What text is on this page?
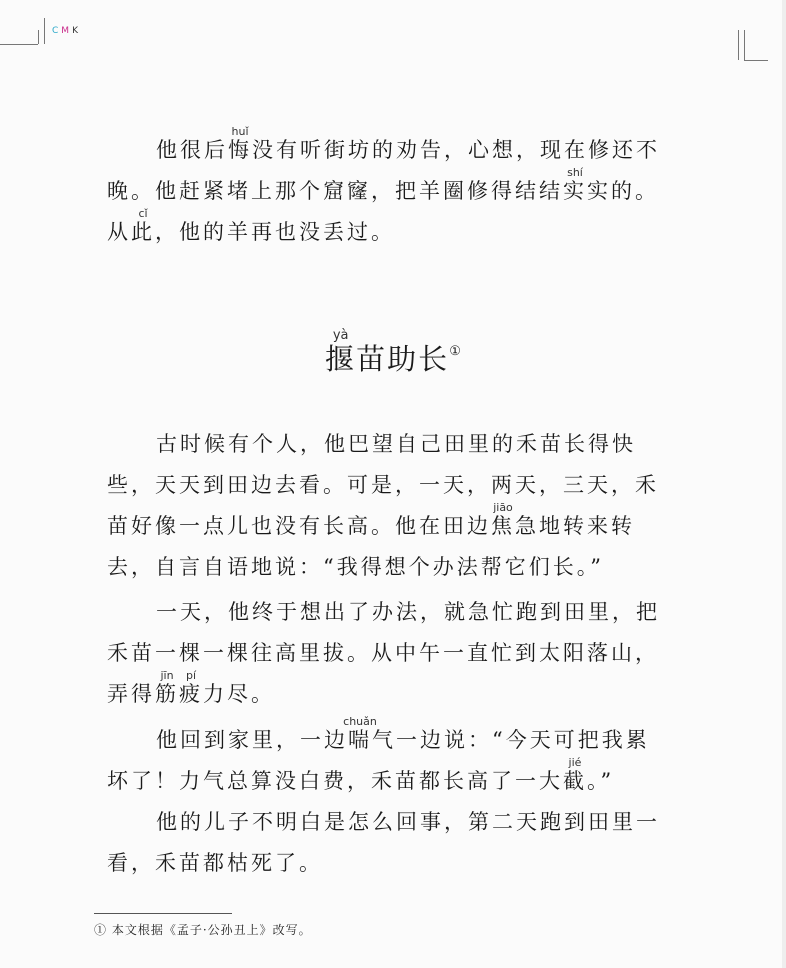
CMK

他很后悔huǐ没有听街坊的劝告，心想，现在修还不晚。他赶紧堵上那个窟窿，把羊圈修得结结实shí实的。从此cǐ，他的羊再也没丢过。

揠yà苗助长①

古时候有个人，他巴望自己田里的禾苗长得快些，天天到田边去看。可是，一天，两天，三天，禾苗好像一点儿也没有长高。他在田边焦jiāo急地转来转去，自言自语地说：“我得想个办法帮它们长。”

一天，他终于想出了办法，就急忙跑到田里，把禾苗一棵一棵往高里拔。从中午一直忙到太阳落山，弄得筋jīn疲pí力尽。

他回到家里，一边喘chuǎn气一边说：“今天可把我累坏了！力气总算没白费，禾苗都长高了一大截jié。”

他的儿子不明白是怎么回事，第二天跑到田里一看，禾苗都枯死了。

① 本文根据《孟子·公孙丑上》改写。
